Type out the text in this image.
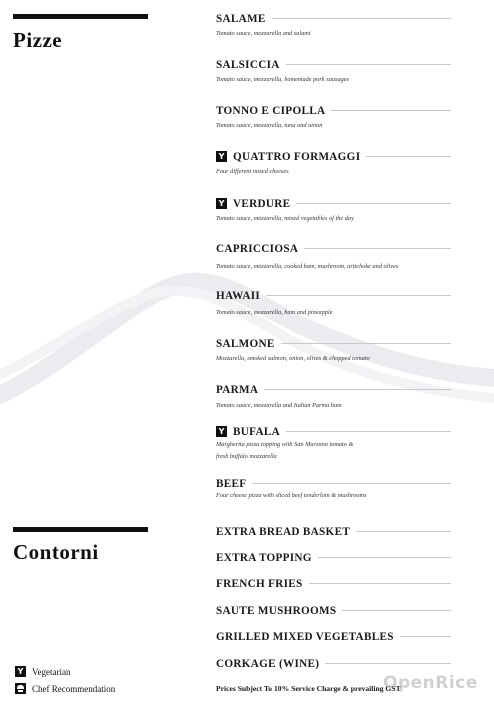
Pizze
SALAME
Tomato sauce, mozzarella and salami
SALSICCIA
Tomato sauce, mozzarella, homemade pork sausages
TONNO E CIPOLLA
Tomato sauce, mozzarella, tuna and onion
Y QUATTRO FORMAGGI
Four different mixed cheeses
Y VERDURE
Tomato sauce, mozzarella, mixed vegetables of the day
CAPRICCIOSA
Tomato sauce, mozzarella, cooked ham, mushroom, artichoke and olives
HAWAII
Tomato sauce, mozzarella, ham and pineapple
SALMONE
Mozzarella, smoked salmon, onion, olives & chopped tomato
PARMA
Tomato sauce, mozzarella and Italian Parma ham
Y BUFALA
Margherita pizza topping with San Marzano tomato &
fresh buffalo mozzarella
BEEF
Four cheese pizza with sliced beef tenderloin & mushrooms
Contorni
EXTRA BREAD BASKET
EXTRA TOPPING
FRENCH FRIES
SAUTE MUSHROOMS
GRILLED MIXED VEGETABLES
CORKAGE (WINE)
Y Vegetarian
Chef Recommendation	Prices Subject To 10% Service Charge & prevailing GST
OpenRice
